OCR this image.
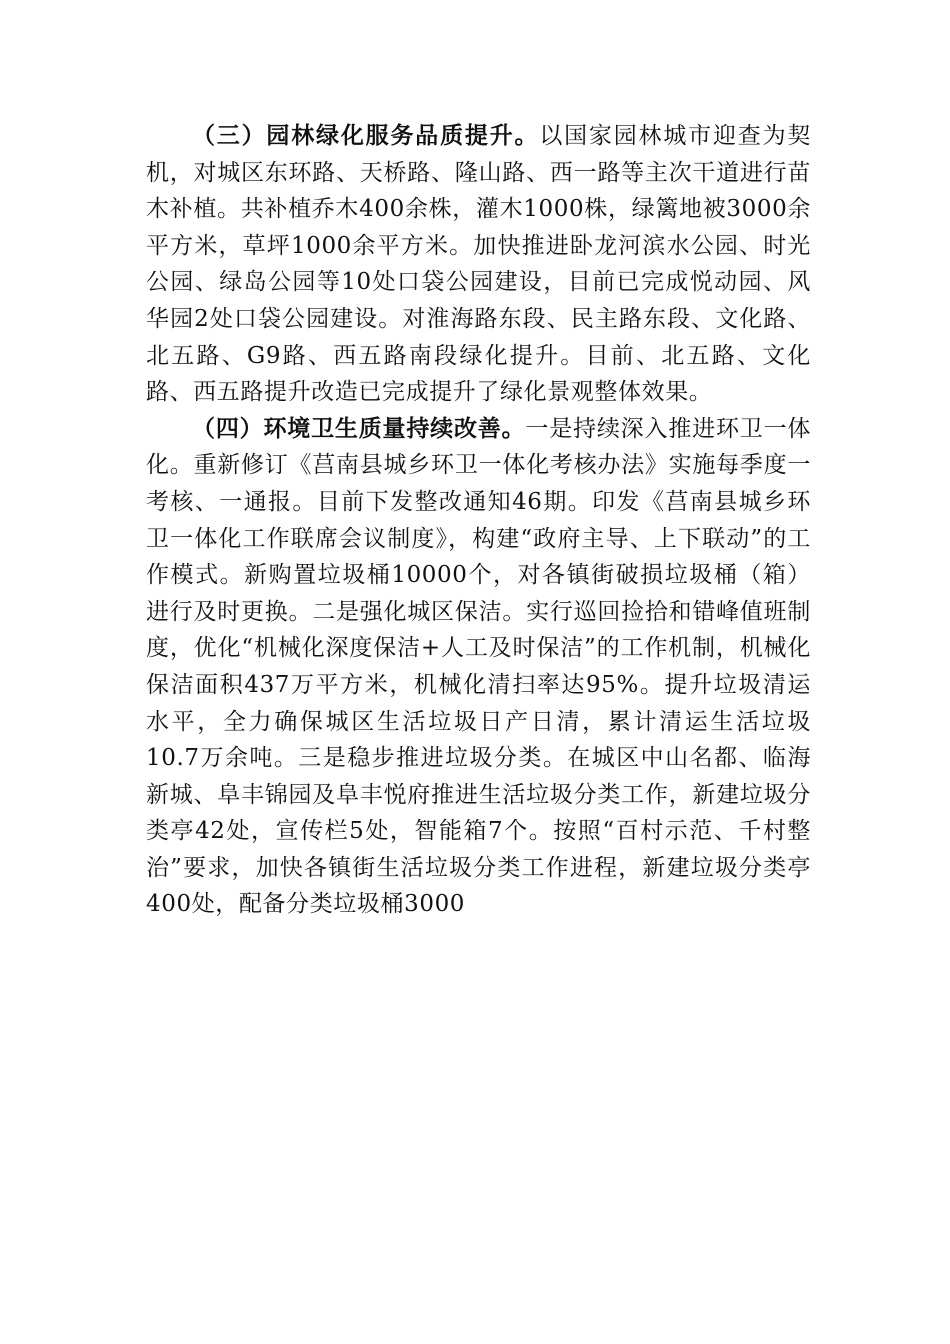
（三）园林绿化服务品质提升。以国家园林城市迎查为契机，对城区东环路、天桥路、隆山路、西一路等主次干道进行苗木补植。共补植乔木400余株，灌木1000株，绿篱地被3000余平方米，草坪1000余平方米。加快推进卧龙河滨水公园、时光公园、绿岛公园等10处口袋公园建设，目前已完成悦动园、风华园2处口袋公园建设。对淮海路东段、民主路东段、文化路、北五路、G9路、西五路南段绿化提升。目前、北五路、文化路、西五路提升改造已完成提升了绿化景观整体效果。

（四）环境卫生质量持续改善。一是持续深入推进环卫一体化。重新修订《莒南县城乡环卫一体化考核办法》实施每季度一考核、一通报。目前下发整改通知46期。印发《莒南县城乡环卫一体化工作联席会议制度》，构建“政府主导、上下联动”的工作模式。新购置垃圾桶10000个，对各镇街破损垃圾桶（箱）进行及时更换。二是强化城区保洁。实行巡回捡拾和错峰值班制度，优化“机械化深度保洁+人工及时保洁”的工作机制，机械化保洁面积437万平方米，机械化清扫率达95%。提升垃圾清运水平，全力确保城区生活垃圾日产日清，累计清运生活垃圾10.7万余吨。三是稳步推进垃圾分类。在城区中山名都、临海新城、阜丰锦园及阜丰悦府推进生活垃圾分类工作，新建垃圾分类亭42处，宣传栏5处，智能箱7个。按照“百村示范、千村整治”要求，加快各镇街生活垃圾分类工作进程，新建垃圾分类亭400处，配备分类垃圾桶3000
